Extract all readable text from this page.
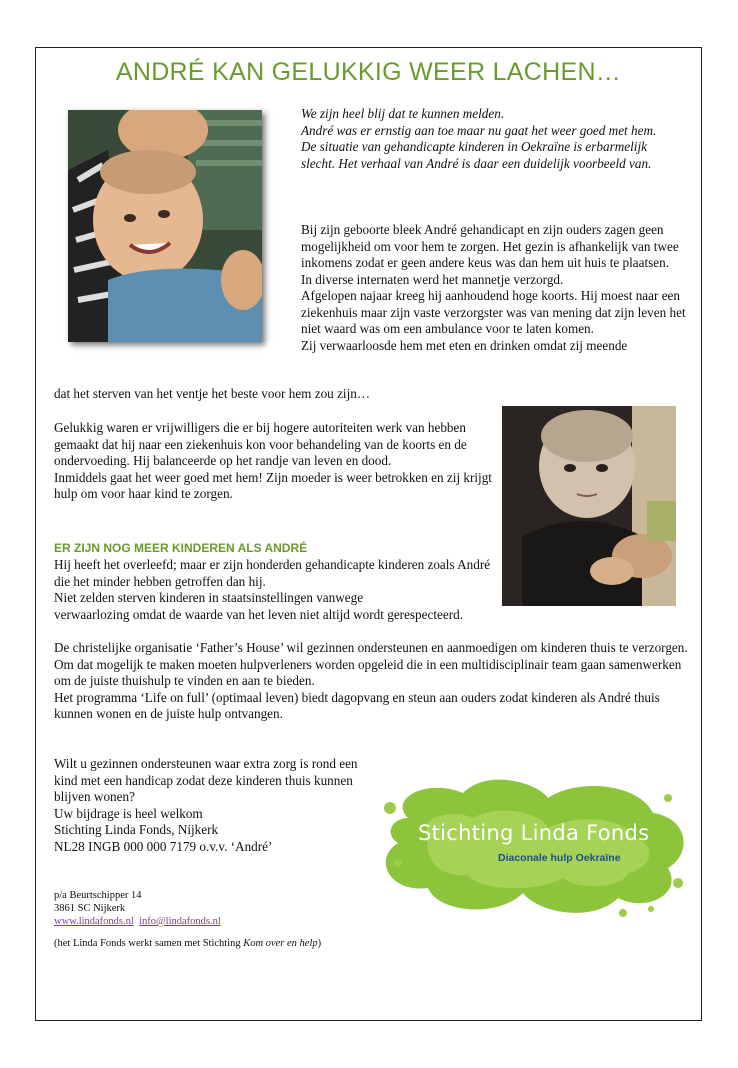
ANDRÉ KAN GELUKKIG WEER LACHEN…
We zijn heel blij dat te kunnen melden.
André was er ernstig aan toe maar nu gaat het weer goed met hem.
De situatie van gehandicapte kinderen in Oekraïne is erbarmelijk slecht. Het verhaal van André is daar een duidelijk voorbeeld van.
Bij zijn geboorte bleek André gehandicapt en zijn ouders zagen geen mogelijkheid om voor hem te zorgen. Het gezin is afhankelijk van twee inkomens zodat er geen andere keus was dan hem uit huis te plaatsen.
In diverse internaten werd het mannetje verzorgd.
Afgelopen najaar kreeg hij aanhoudend hoge koorts. Hij moest naar een ziekenhuis maar zijn vaste verzorgster was van mening dat zijn leven het niet waard was om een ambulance voor te laten komen.
Zij verwaarloosde hem met eten en drinken omdat zij meende

dat het sterven van het ventje het beste voor hem zou zijn…

Gelukkig waren er vrijwilligers die er bij hogere autoriteiten werk van hebben gemaakt dat hij naar een ziekenhuis kon voor behandeling van de koorts en de ondervoeding. Hij balanceerde op het randje van leven en dood.
Inmiddels gaat het weer goed met hem! Zijn moeder is weer betrokken en zij krijgt hulp om voor haar kind te zorgen.

ER ZIJN NOG MEER KINDEREN ALS ANDRÉ

Hij heeft het overleefd; maar er zijn honderden gehandicapte kinderen zoals André die het minder hebben getroffen dan hij.
Niet zelden sterven kinderen in staatsinstellingen vanwege

verwaarlozing omdat de waarde van het leven niet altijd wordt gerespecteerd.

De christelijke organisatie ‘Father’s House’ wil gezinnen ondersteunen en aanmoedigen om kinderen thuis te verzorgen.
Om dat mogelijk te maken moeten hulpverleners worden opgeleid die in een multidisciplinair team gaan samenwerken om de juiste thuishulp te vinden en aan te bieden.
Het programma ‘Life on full’ (optimaal leven) biedt dagopvang en steun aan ouders zodat kinderen als André thuis kunnen wonen en de juiste hulp ontvangen.
Wilt u gezinnen ondersteunen waar extra zorg is rond een kind met een handicap zodat deze kinderen thuis kunnen blijven wonen?
Uw bijdrage is heel welkom
Stichting Linda Fonds, Nijkerk
NL28 INGB 000 000 7179 o.v.v. ‘André’
Stichting Linda Fonds
Diaconale hulp Oekraïne
p/a Beurtschipper 14
3861 SC Nijkerk
www.lindafonds.nl info@lindafonds.nl
(het Linda Fonds werkt samen met Stichting Kom over en help)
